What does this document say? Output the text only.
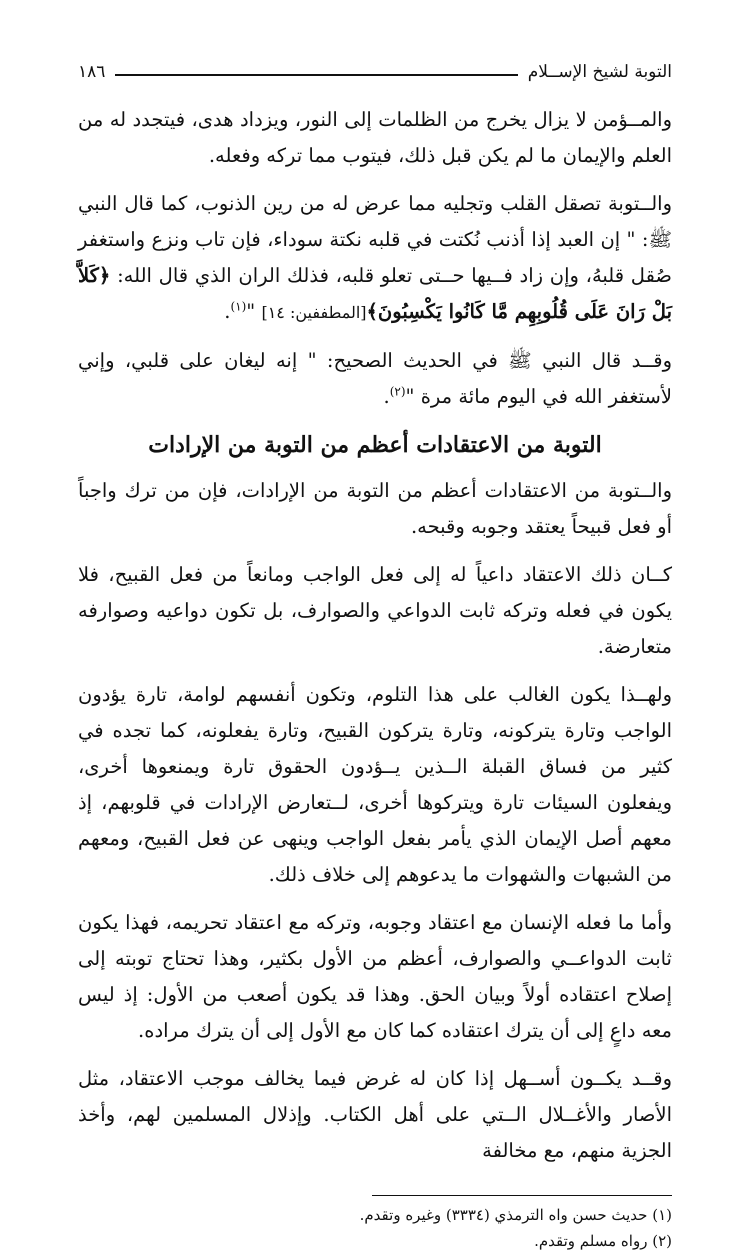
التوبة لشيخ الإســلام
١٨٦

والمــؤمن لا يزال يخرج من الظلمات إلى النور، ويزداد هدى، فيتجدد له من العلم والإيمان ما لم يكن قبل ذلك، فيتوب مما تركه وفعله.

والــتوبة تصقل القلب وتجليه مما عرض له من رين الذنوب، كما قال النبي ﷺ: " إن العبد إذا أذنب نُكتت في قلبه نكتة سوداء، فإن تاب ونزع واستغفر صُقل قلبهُ، وإن زاد فــيها حــتى تعلو قلبه، فذلك الران الذي قال الله: ﴿كَلاَّ بَلْ رَانَ عَلَى قُلُوبِهِم مَّا كَانُوا يَكْسِبُونَ﴾[المطففين: ١٤] "$^{(١)}$.

وقــد قال النبي ﷺ في الحديث الصحيح: " إنه ليغان على قلبي، وإني لأستغفر الله في اليوم مائة مرة "$^{(٢)}$.

التوبة من الاعتقادات أعظم من التوبة من الإرادات

والــتوبة من الاعتقادات أعظم من التوبة من الإرادات، فإن من ترك واجباً أو فعل قبيحاً يعتقد وجوبه وقبحه.

كــان ذلك الاعتقاد داعياً له إلى فعل الواجب ومانعاً من فعل القبيح، فلا يكون في فعله وتركه ثابت الدواعي والصوارف، بل تكون دواعيه وصوارفه متعارضة.

ولهــذا يكون الغالب على هذا التلوم، وتكون أنفسهم لوامة، تارة يؤدون الواجب وتارة يتركونه، وتارة يتركون القبيح، وتارة يفعلونه، كما تجده في كثير من فساق القبلة الــذين يــؤدون الحقوق تارة ويمنعوها أخرى، ويفعلون السيئات تارة ويتركوها أخرى، لــتعارض الإرادات في قلوبهم، إذ معهم أصل الإيمان الذي يأمر بفعل الواجب وينهى عن فعل القبيح، ومعهم من الشبهات والشهوات ما يدعوهم إلى خلاف ذلك.

وأما ما فعله الإنسان مع اعتقاد وجوبه، وتركه مع اعتقاد تحريمه، فهذا يكون ثابت الدواعــي والصوارف، أعظم من الأول بكثير، وهذا تحتاج توبته إلى إصلاح اعتقاده أولاً وبيان الحق. وهذا قد يكون أصعب من الأول: إذ ليس معه داعٍ إلى أن يترك اعتقاده كما كان مع الأول إلى أن يترك مراده.

وقــد يكــون أســهل إذا كان له غرض فيما يخالف موجب الاعتقاد، مثل الأصار والأغــلال الــتي على أهل الكتاب. وإذلال المسلمين لهم، وأخذ الجزية منهم، مع مخالفة

(١) حديث حسن واه الترمذي (٣٣٣٤) وغيره وتقدم.
(٢) رواه مسلم وتقدم.
